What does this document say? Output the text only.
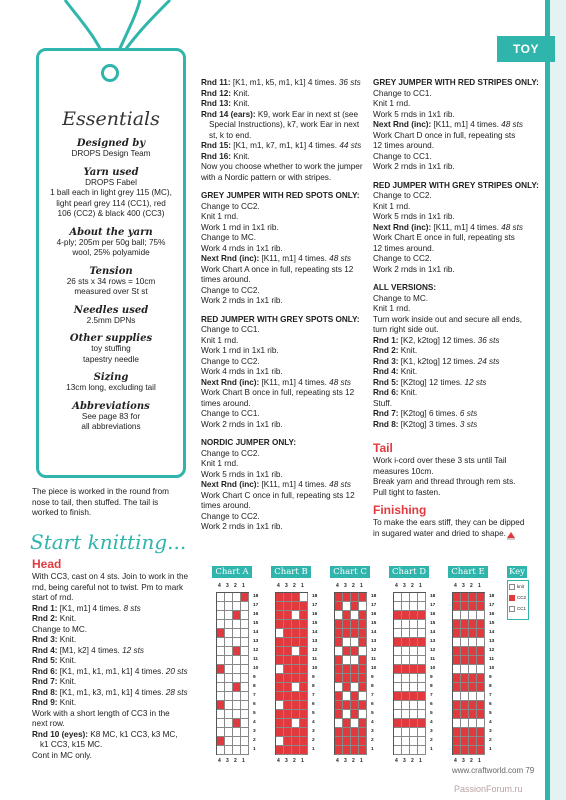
TOY
Essentials
Designed by

DROPS Design Team

Yarn used

DROPS Fabel

1 ball each in light grey 115 (MC),

light pearl grey 114 (CC1), red

106 (CC2) & black 400 (CC3)

About the yarn

4-ply; 205m per 50g ball; 75%

wool, 25% polyamide

Tension

26 sts x 34 rows = 10cm

measured over St st

Needles used

2.5mm DPNs

Other supplies

toy stuffing

tapestry needle

Sizing

13cm long, excluding tail

Abbreviations

See page 83 for

all abbreviations

The piece is worked in the round from
nose to tail, then stuffed. The tail is
worked to finish.
Start knitting...
Head
With CC3, cast on 4 sts. Join to work in the
rnd, being careful not to twist. Pm to mark
start of rnd.
Rnd 1: [K1, m1] 4 times. 8 sts
Rnd 2: Knit.
Change to MC.
Rnd 3: Knit.
Rnd 4: [M1, k2] 4 times. 12 sts
Rnd 5: Knit.
Rnd 6: [K1, m1, k1, m1, k1] 4 times. 20 sts
Rnd 7: Knit.
Rnd 8: [K1, m1, k3, m1, k1] 4 times. 28 sts
Rnd 9: Knit.
Work with a short length of CC3 in the
next row.
Rnd 10 (eyes): K8 MC, k1 CC3, k3 MC,
k1 CC3, k15 MC.
Cont in MC only.
Rnd 11: [K1, m1, k5, m1, k1] 4 times. 36 sts
Rnd 12: Knit.
Rnd 13: Knit.
Rnd 14 (ears): K9, work Ear in next st (see
Special Instructions), k7, work Ear in next
st, k to end.
Rnd 15: [K1, m1, k7, m1, k1] 4 times. 44 sts
Rnd 16: Knit.
Now you choose whether to work the jumper
with a Nordic pattern or with stripes.
GREY JUMPER WITH RED SPOTS ONLY:
Change to CC2.
Knit 1 rnd.
Work 1 rnd in 1x1 rib.
Change to MC.
Work 4 rnds in 1x1 rib.
Next Rnd (inc): [K11, m1] 4 times. 48 sts
Work Chart A once in full, repeating sts 12
times around.
Change to CC2.
Work 2 rnds in 1x1 rib.
RED JUMPER WITH GREY SPOTS ONLY:
Change to CC1.
Knit 1 rnd.
Work 1 rnd in 1x1 rib.
Change to CC2.
Work 4 rnds in 1x1 rib.
Next Rnd (inc): [K11, m1] 4 times. 48 sts
Work Chart B once in full, repeating sts 12
times around.
Change to CC1.
Work 2 rnds in 1x1 rib.
NORDIC JUMPER ONLY:
Change to CC2.
Knit 1 rnd.
Work 5 rnds in 1x1 rib.
Next Rnd (inc): [K11, m1] 4 times. 48 sts
Work Chart C once in full, repeating sts 12
times around.
Change to CC2.
Work 2 rnds in 1x1 rib.
GREY JUMPER WITH RED STRIPES ONLY:
Change to CC1.
Knit 1 rnd.
Work 5 rnds in 1x1 rib.
Next Rnd (inc): [K11, m1] 4 times. 48 sts
Work Chart D once in full, repeating sts
12 times around.
Change to CC1.
Work 2 rnds in 1x1 rib.
RED JUMPER WITH GREY STRIPES ONLY:
Change to CC2.
Knit 1 rnd.
Work 5 rnds in 1x1 rib.
Next Rnd (inc): [K11, m1] 4 times. 48 sts
Work Chart E once in full, repeating sts
12 times around.
Change to CC2.
Work 2 rnds in 1x1 rib.
ALL VERSIONS:
Change to MC.
Knit 1 rnd.
Turn work inside out and secure all ends,
turn right side out.
Rnd 1: [K2, k2tog] 12 times. 36 sts
Rnd 2: Knit.
Rnd 3: [K1, k2tog] 12 times. 24 sts
Rnd 4: Knit.
Rnd 5: [K2tog] 12 times. 12 sts
Rnd 6: Knit.
Stuff.
Rnd 7: [K2tog] 6 times. 6 sts
Rnd 8: [K2tog] 3 times. 3 sts
Tail
Work i-cord over these 3 sts until Tail
measures 10cm.
Break yarn and thread through rem sts.
Pull tight to fasten.
Finishing
To make the ears stiff, they can be dipped
in sugared water and dried to shape.
Chart A
4
4
3
3
2
2
1
1
18
17
16
15
14
13
12
11
10
9
8
7
6
5
4
3
2
1
Chart B
4
4
3
3
2
2
1
1
18
17
16
15
14
13
12
11
10
9
8
7
6
5
4
3
2
1
Chart C
4
4
3
3
2
2
1
1
18
17
16
15
14
13
12
11
10
9
8
7
6
5
4
3
2
1
Chart D
4
4
3
3
2
2
1
1
18
17
16
15
14
13
12
11
10
9
8
7
6
5
4
3
2
1
Chart E
4
4
3
3
2
2
1
1
18
17
16
15
14
13
12
11
10
9
8
7
6
5
4
3
2
1
Key
knit
CC2
CC1
www.craftworld.com 79
PassionForum.ru
